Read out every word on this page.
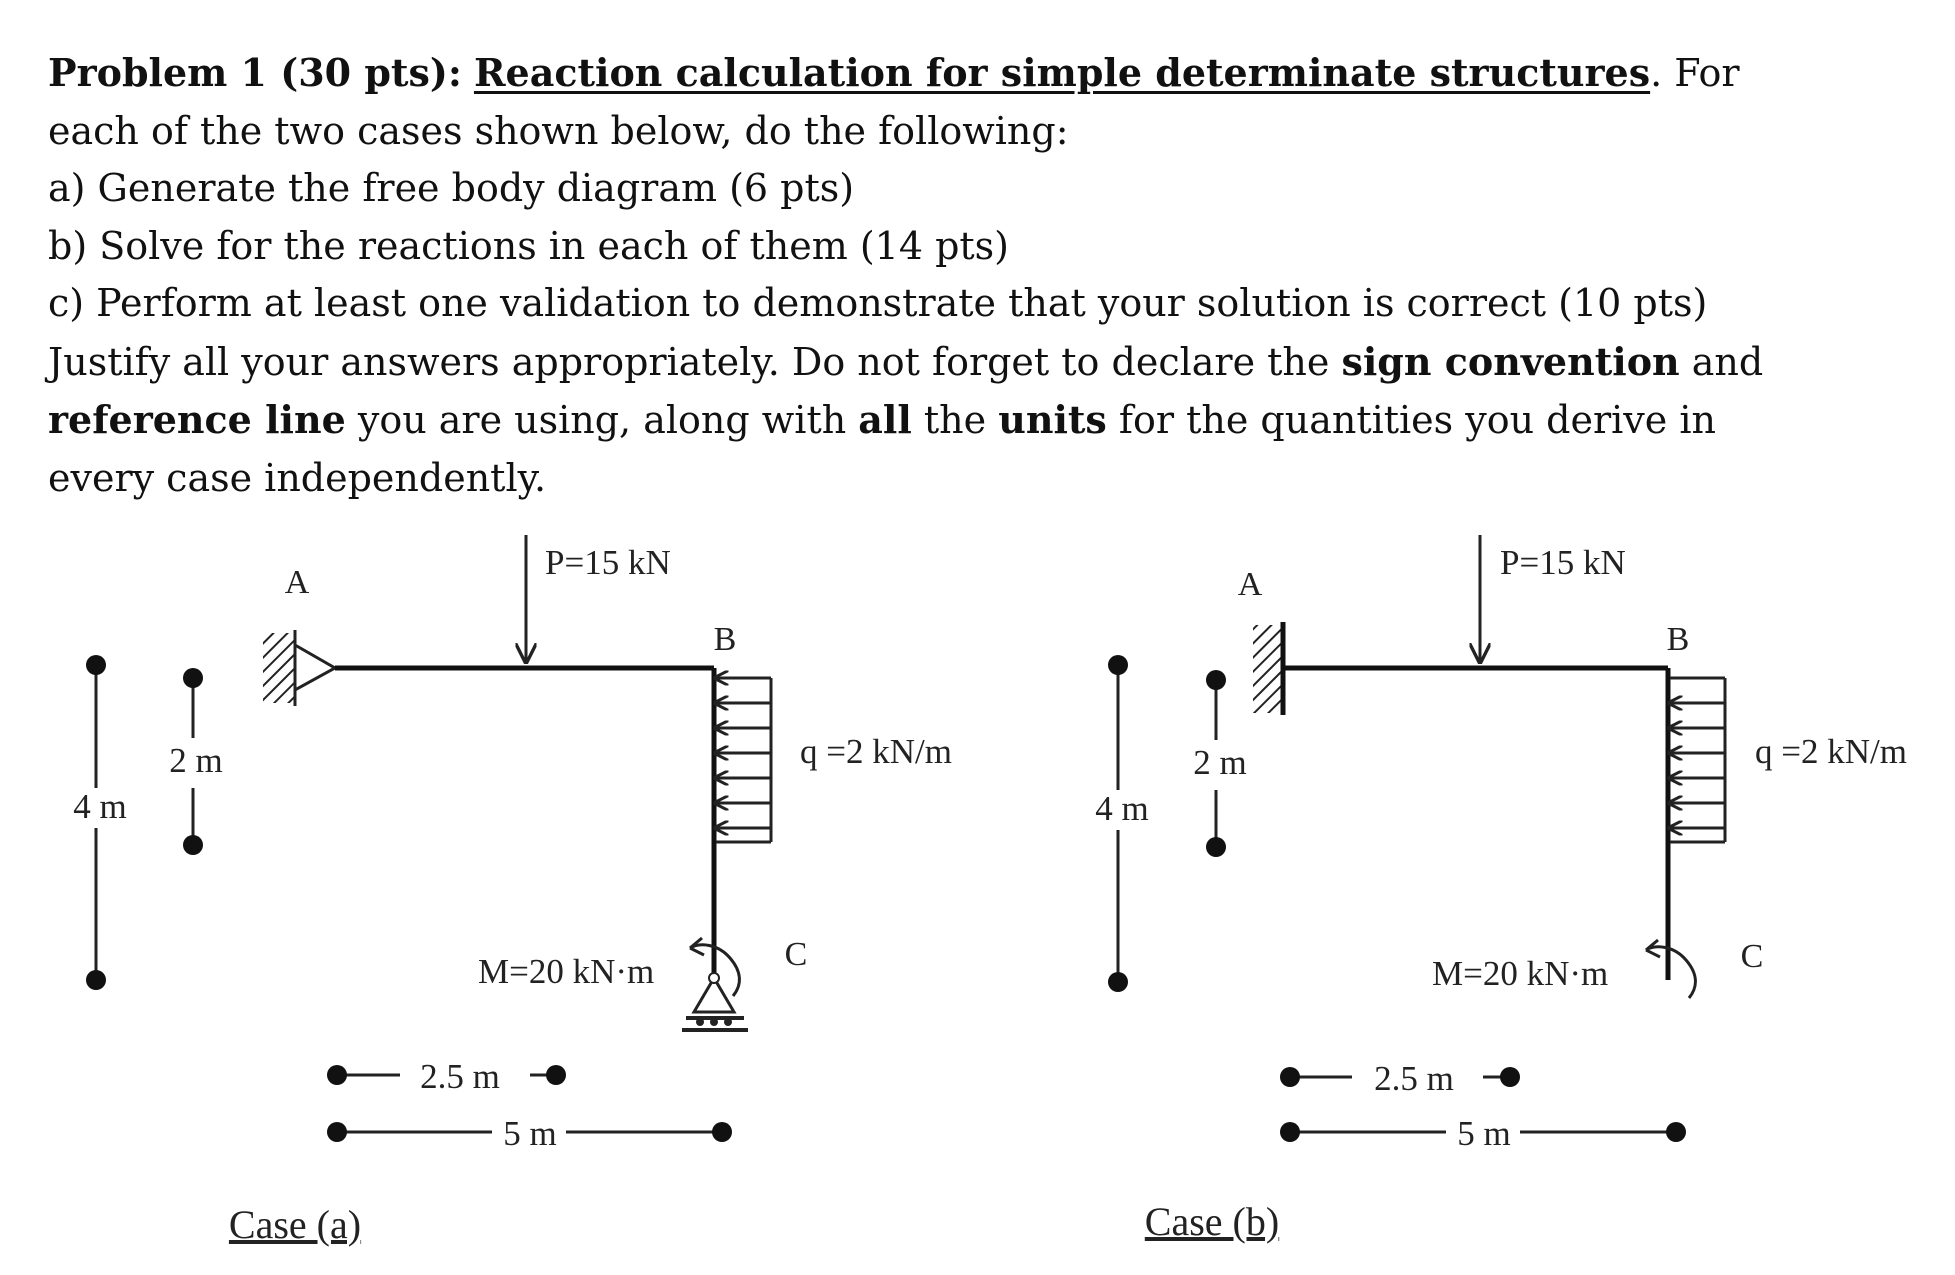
Problem 1 (30 pts): Reaction calculation for simple determinate structures. For

each of the two cases shown below, do the following:

a) Generate the free body diagram (6 pts)

b) Solve for the reactions in each of them (14 pts)

c) Perform at least one validation to demonstrate that your solution is correct (10 pts)

Justify all your answers appropriately. Do not forget to declare the sign convention and

reference line you are using, along with all the units for the quantities you derive in

every case independently.

4 m
2 m
A
B
P=15 kN
q =2 kN/m
M=20 kN·m	C
2.5 m
5 m
Case (a)
4 m
2 m
A
B
P=15 kN
q =2 kN/m
M=20 kN·m	C
2.5 m
5 m
Case (b)
